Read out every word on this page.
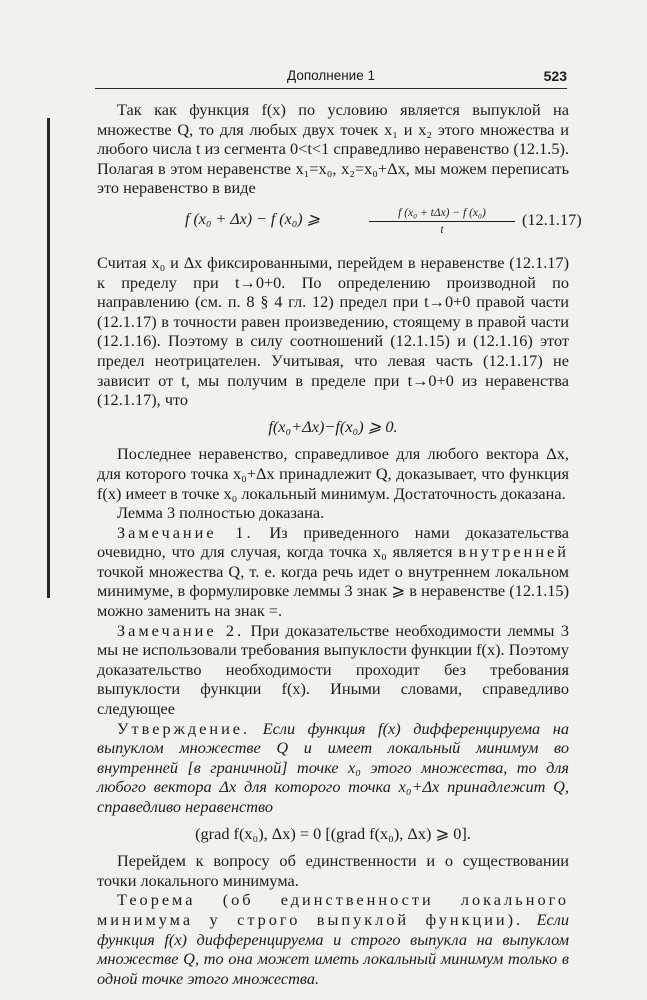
Дополнение 1	523

Так как функция f(x) по условию является выпуклой на множестве Q, то для любых двух точек x₁ и x₂ этого множества и любого числа t из сегмента 0<t<1 справедливо неравенство (12.1.5). Полагая в этом неравенстве x₁=x₀, x₂=x₀+Δx, мы можем переписать это неравенство в виде

f (x₀ + Δx) − f (x₀) ⩾	f (x₀ + tΔx) − f (x₀)
t
(12.1.17)

Считая x₀ и Δx фиксированными, перейдем в неравенстве (12.1.17) к пределу при t→0+0. По определению производной по направлению (см. п. 8 § 4 гл. 12) предел при t→0+0 правой части (12.1.17) в точности равен произведению, стоящему в правой части (12.1.16). Поэтому в силу соотношений (12.1.15) и (12.1.16) этот предел неотрицателен. Учитывая, что левая часть (12.1.17) не зависит от t, мы получим в пределе при t→0+0 из неравенства (12.1.17), что

f(x₀+Δx)−f(x₀) ⩾ 0.

Последнее неравенство, справедливое для любого вектора Δx, для которого точка x₀+Δx принадлежит Q, доказывает, что функция f(x) имеет в точке x₀ локальный минимум. Достаточность доказана.

Лемма 3 полностью доказана.

Замечание 1. Из приведенного нами доказательства очевидно, что для случая, когда точка x₀ является внутренней точкой множества Q, т. е. когда речь идет о внутреннем локальном минимуме, в формулировке леммы 3 знак ⩾ в неравенстве (12.1.15) можно заменить на знак =.

Замечание 2. При доказательстве необходимости леммы 3 мы не использовали требования выпуклости функции f(x). Поэтому доказательство необходимости проходит без требования выпуклости функции f(x). Иными словами, справедливо следующее

Утверждение. Если функция f(x) дифференцируема на выпуклом множестве Q и имеет локальный минимум во внутренней [в граничной] точке x₀ этого множества, то для любого вектора Δx для которого точка x₀+Δx принадлежит Q, справедливо неравенство

(grad f(x₀), Δx) = 0 [(grad f(x₀), Δx) ⩾ 0].

Перейдем к вопросу об единственности и о существовании точки локального минимума.

Теорема (об единственности локального минимума у строго выпуклой функции). Если функция f(x) дифференцируема и строго выпукла на выпуклом множестве Q, то она может иметь локальный минимум только в одной точке этого множества.
